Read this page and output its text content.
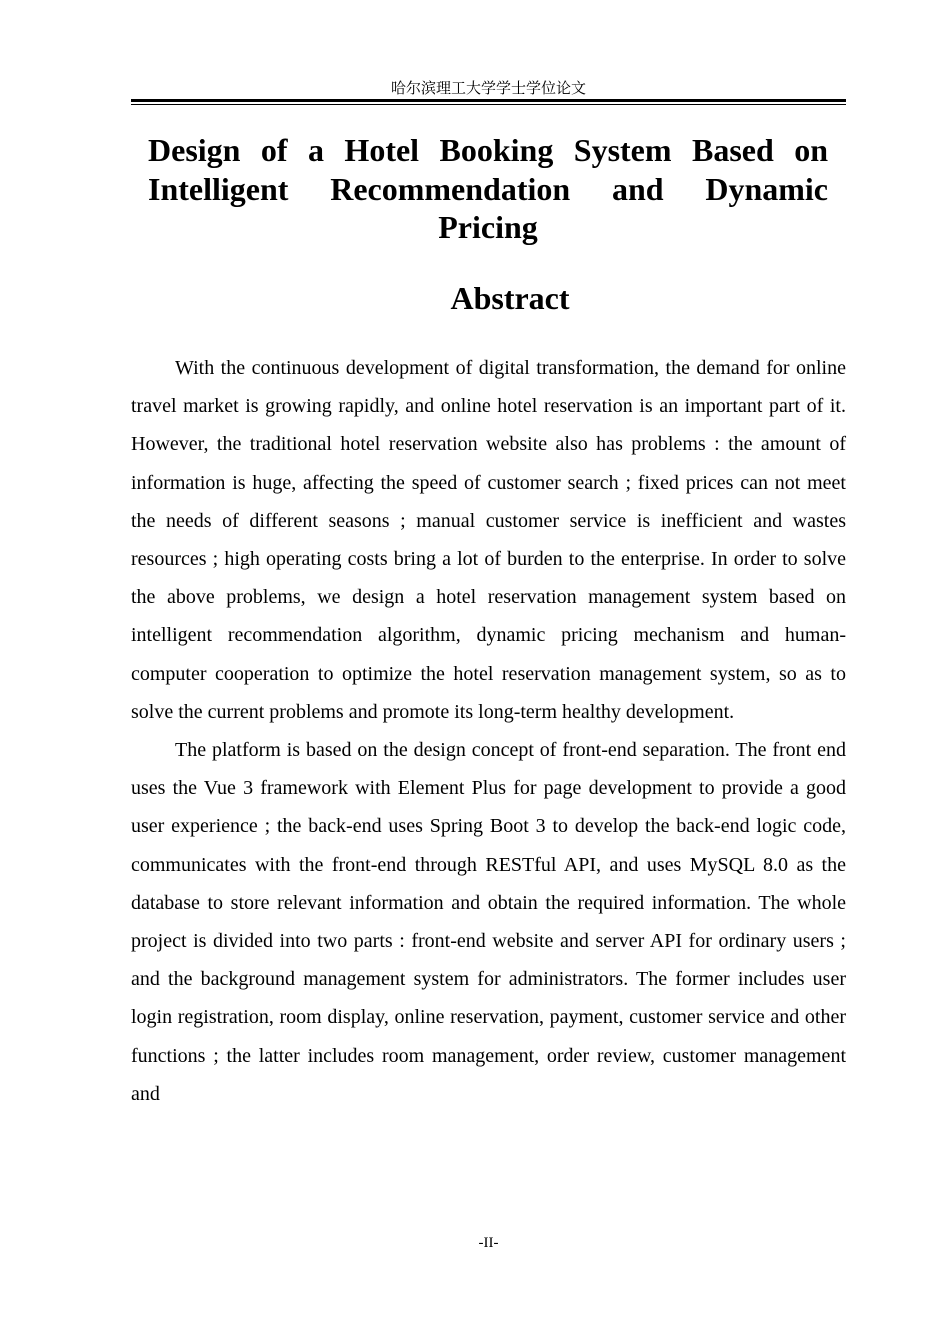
哈尔滨理工大学学士学位论文
Design of a Hotel Booking System Based on Intelligent Recommendation and Dynamic Pricing
Abstract

With the continuous development of digital transformation, the demand for online travel market is growing rapidly, and online hotel reservation is an important part of it. However, the traditional hotel reservation website also has problems : the amount of information is huge, affecting the speed of customer search ; fixed prices can not meet the needs of different seasons ; manual customer service is inefficient and wastes resources ; high operating costs bring a lot of burden to the enterprise. In order to solve the above problems, we design a hotel reservation management system based on intelligent recommendation algorithm, dynamic pricing mechanism and human-computer cooperation to optimize the hotel reservation management system, so as to solve the current problems and promote its long-term healthy development.

The platform is based on the design concept of front-end separation. The front end uses the Vue 3 framework with Element Plus for page development to provide a good user experience ; the back-end uses Spring Boot 3 to develop the back-end logic code, communicates with the front-end through RESTful API, and uses MySQL 8.0 as the database to store relevant information and obtain the required information. The whole project is divided into two parts : front-end website and server API for ordinary users ; and the background management system for administrators. The former includes user login registration, room display, online reservation, payment, customer service and other functions ; the latter includes room management, order review, customer management and

-II-
